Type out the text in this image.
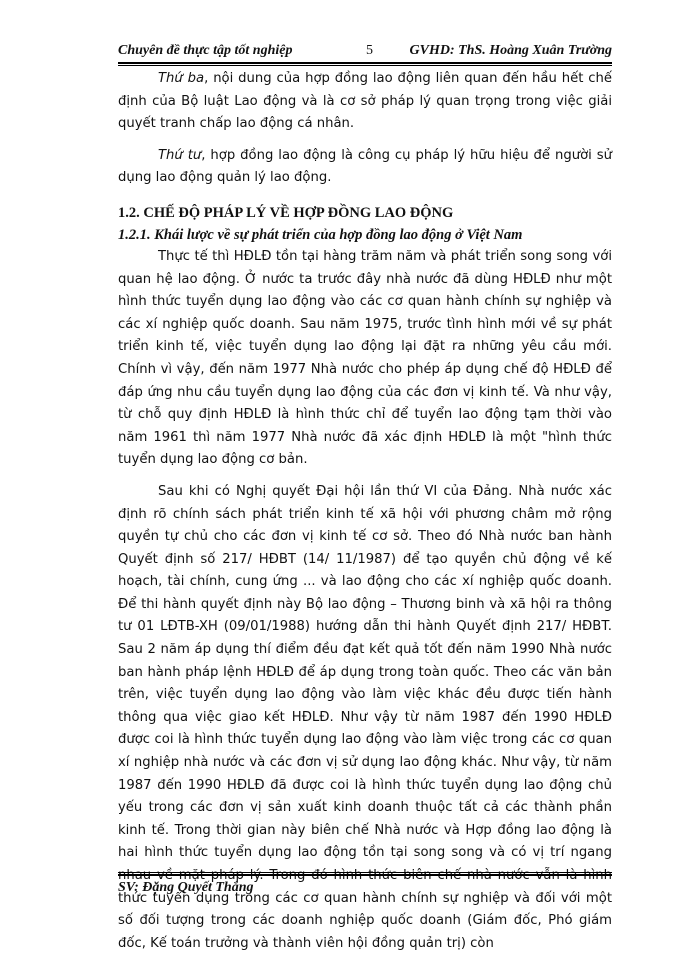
Chuyên đề thực tập tốt nghiệp	5	GVHD: ThS. Hoàng Xuân Trường

Thứ ba, nội dung của hợp đồng lao động liên quan đến hầu hết chế định của Bộ luật Lao động và là cơ sở pháp lý quan trọng trong việc giải quyết tranh chấp lao động cá nhân.

Thứ tư, hợp đồng lao động là công cụ pháp lý hữu hiệu để người sử dụng lao động quản lý lao động.

1.2. CHẾ ĐỘ PHÁP LÝ VỀ HỢP ĐỒNG LAO ĐỘNG

1.2.1. Khái lược về sự phát triển của hợp đồng lao động ở Việt Nam

Thực tế thì HĐLĐ tồn tại hàng trăm năm và phát triển song song với quan hệ lao động. Ở nước ta trước đây nhà nước đã dùng HĐLĐ như một hình thức tuyển dụng lao động vào các cơ quan hành chính sự nghiệp và các xí nghiệp quốc doanh. Sau năm 1975, trước tình hình mới về sự phát triển kinh tế, việc tuyển dụng lao động lại đặt ra những yêu cầu mới. Chính vì vậy, đến năm 1977 Nhà nước cho phép áp dụng chế độ HĐLĐ để đáp ứng nhu cầu tuyển dụng lao động của các đơn vị kinh tế. Và như vậy, từ chỗ quy định HĐLĐ là hình thức chỉ để tuyển lao động tạm thời vào năm 1961 thì năm 1977 Nhà nước đã xác định HĐLĐ là một "hình thức tuyển dụng lao động cơ bản.

Sau khi có Nghị quyết Đại hội lần thứ VI của Đảng. Nhà nước xác định rõ chính sách phát triển kinh tế xã hội với phương châm mở rộng quyền tự chủ cho các đơn vị kinh tế cơ sở. Theo đó Nhà nước ban hành Quyết định số 217/ HĐBT (14/ 11/1987) để tạo quyền chủ động về kế hoạch, tài chính, cung ứng ... và lao động cho các xí nghiệp quốc doanh. Để thi hành quyết định này Bộ lao động – Thương binh và xã hội ra thông tư 01 LĐTB-XH (09/01/1988) hướng dẫn thi hành Quyết định 217/ HĐBT. Sau 2 năm áp dụng thí điểm đều đạt kết quả tốt đến năm 1990 Nhà nước ban hành pháp lệnh HĐLĐ để áp dụng trong toàn quốc. Theo các văn bản trên, việc tuyển dụng lao động vào làm việc khác đều được tiến hành thông qua việc giao kết HĐLĐ. Như vậy từ năm 1987 đến 1990 HĐLĐ được coi là hình thức tuyển dụng lao động vào làm việc trong các cơ quan xí nghiệp nhà nước và các đơn vị sử dụng lao động khác. Như vậy, từ năm 1987 đến 1990 HĐLĐ đã được coi là hình thức tuyển dụng lao động chủ yếu trong các đơn vị sản xuất kinh doanh thuộc tất cả các thành phần kinh tế. Trong thời gian này biên chế Nhà nước và Hợp đồng lao động là hai hình thức tuyển dụng lao động tồn tại song song và có vị trí ngang nhau về mặt pháp lý. Trong đó hình thức biên chế nhà nước vẫn là hình thức tuyển dụng trong các cơ quan hành chính sự nghiệp và đối với một số đối tượng trong các doanh nghiệp quốc doanh (Giám đốc, Phó giám đốc, Kế toán trưởng và thành viên hội đồng quản trị) còn

SV: Đặng Quyết Thắng
